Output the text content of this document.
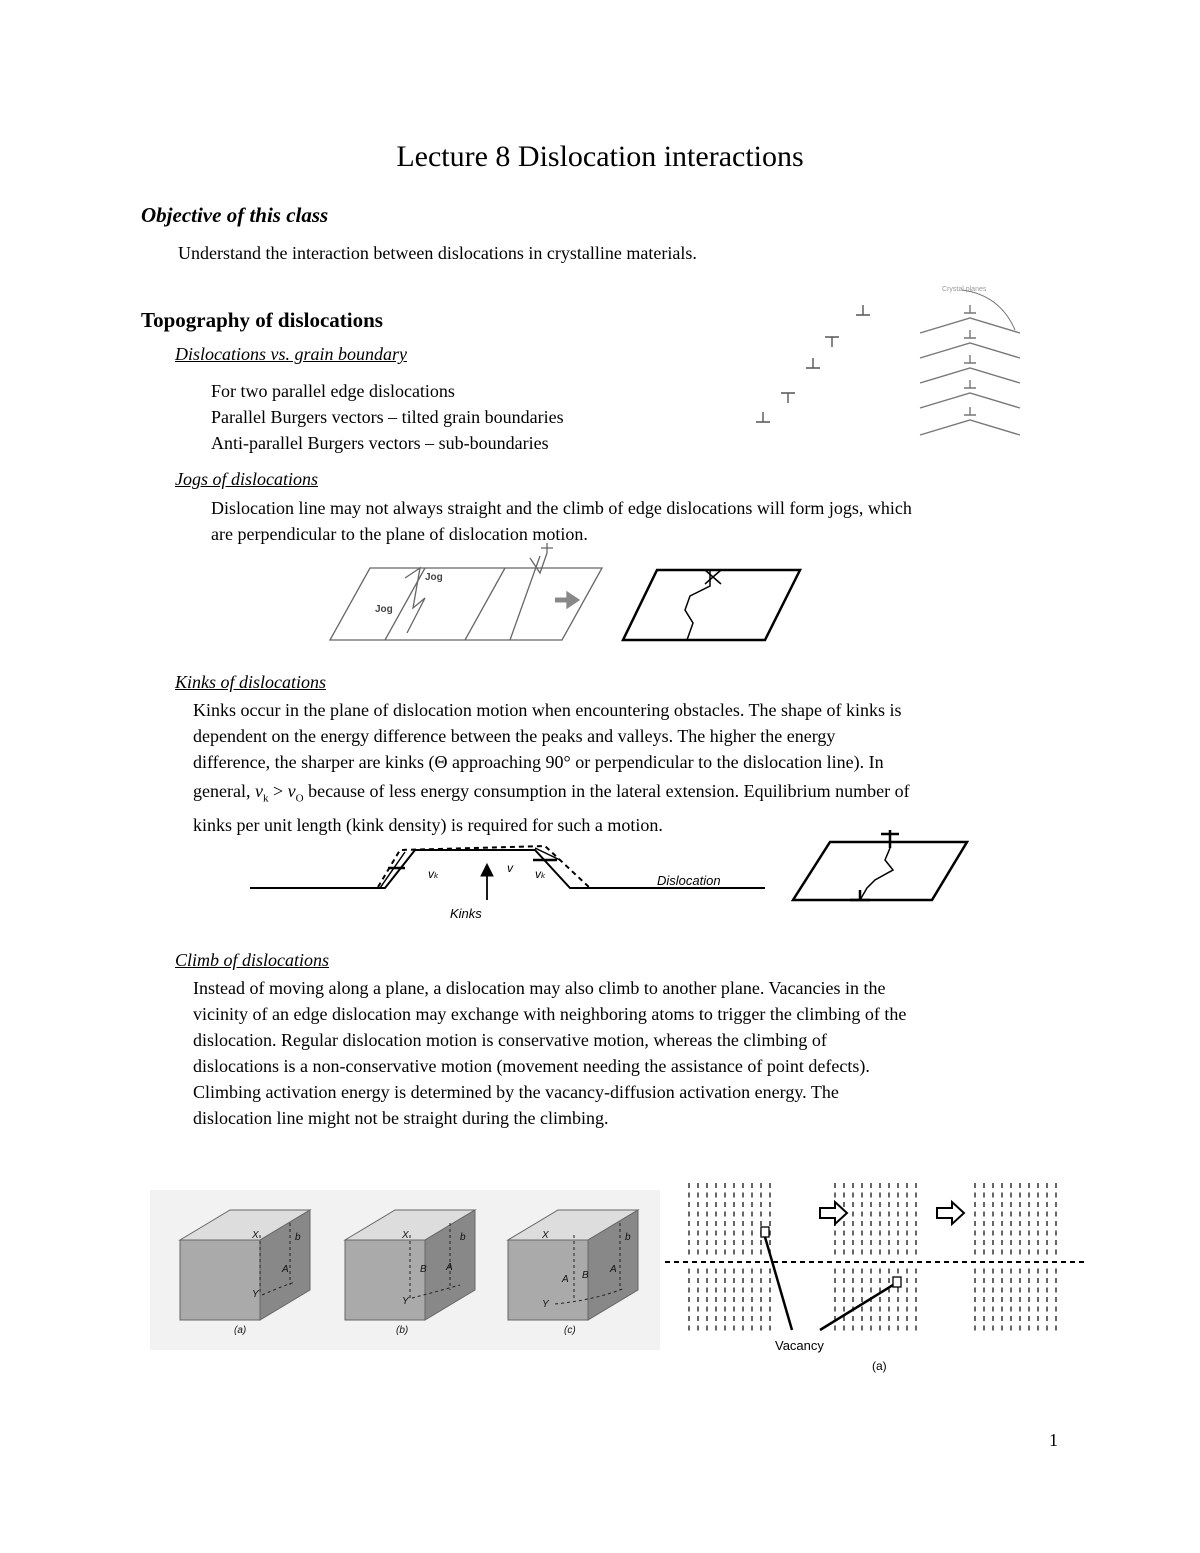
Lecture 8 Dislocation interactions
Objective of this class
Understand the interaction between dislocations in crystalline materials.
Topography of dislocations
Dislocations vs. grain boundary
For two parallel edge dislocations
Parallel Burgers vectors – tilted grain boundaries
Anti-parallel Burgers vectors – sub-boundaries
Crystal planes
Jogs of dislocations
Dislocation line may not always straight and the climb of edge dislocations will form jogs, which
are perpendicular to the plane of dislocation motion.
Jog
Jog
Kinks of dislocations
Kinks occur in the plane of dislocation motion when encountering obstacles. The shape of kinks is
dependent on the energy difference between the peaks and valleys. The higher the energy
difference, the sharper are kinks (Θ approaching 90° or perpendicular to the dislocation line). In
general, $v_k > v_O$ because of less energy consumption in the lateral extension. Equilibrium number of
kinks per unit length (kink density) is required for such a motion.
vₖ	v vₖ	Dislocation
Kinks
Climb of dislocations
Instead of moving along a plane, a dislocation may also climb to another plane. Vacancies in the
vicinity of an edge dislocation may exchange with neighboring atoms to trigger the climbing of the
dislocation. Regular dislocation motion is conservative motion, whereas the climbing of
dislocations is a non-conservative motion (movement needing the assistance of point defects).
Climbing activation energy is determined by the vacancy-diffusion activation energy. The
dislocation line might not be straight during the climbing.
X
Y
b
A
X
Y
b
B A
X
Y
b
A B
A
(a)	(b)	(c)
Vacancy
(a)
1
